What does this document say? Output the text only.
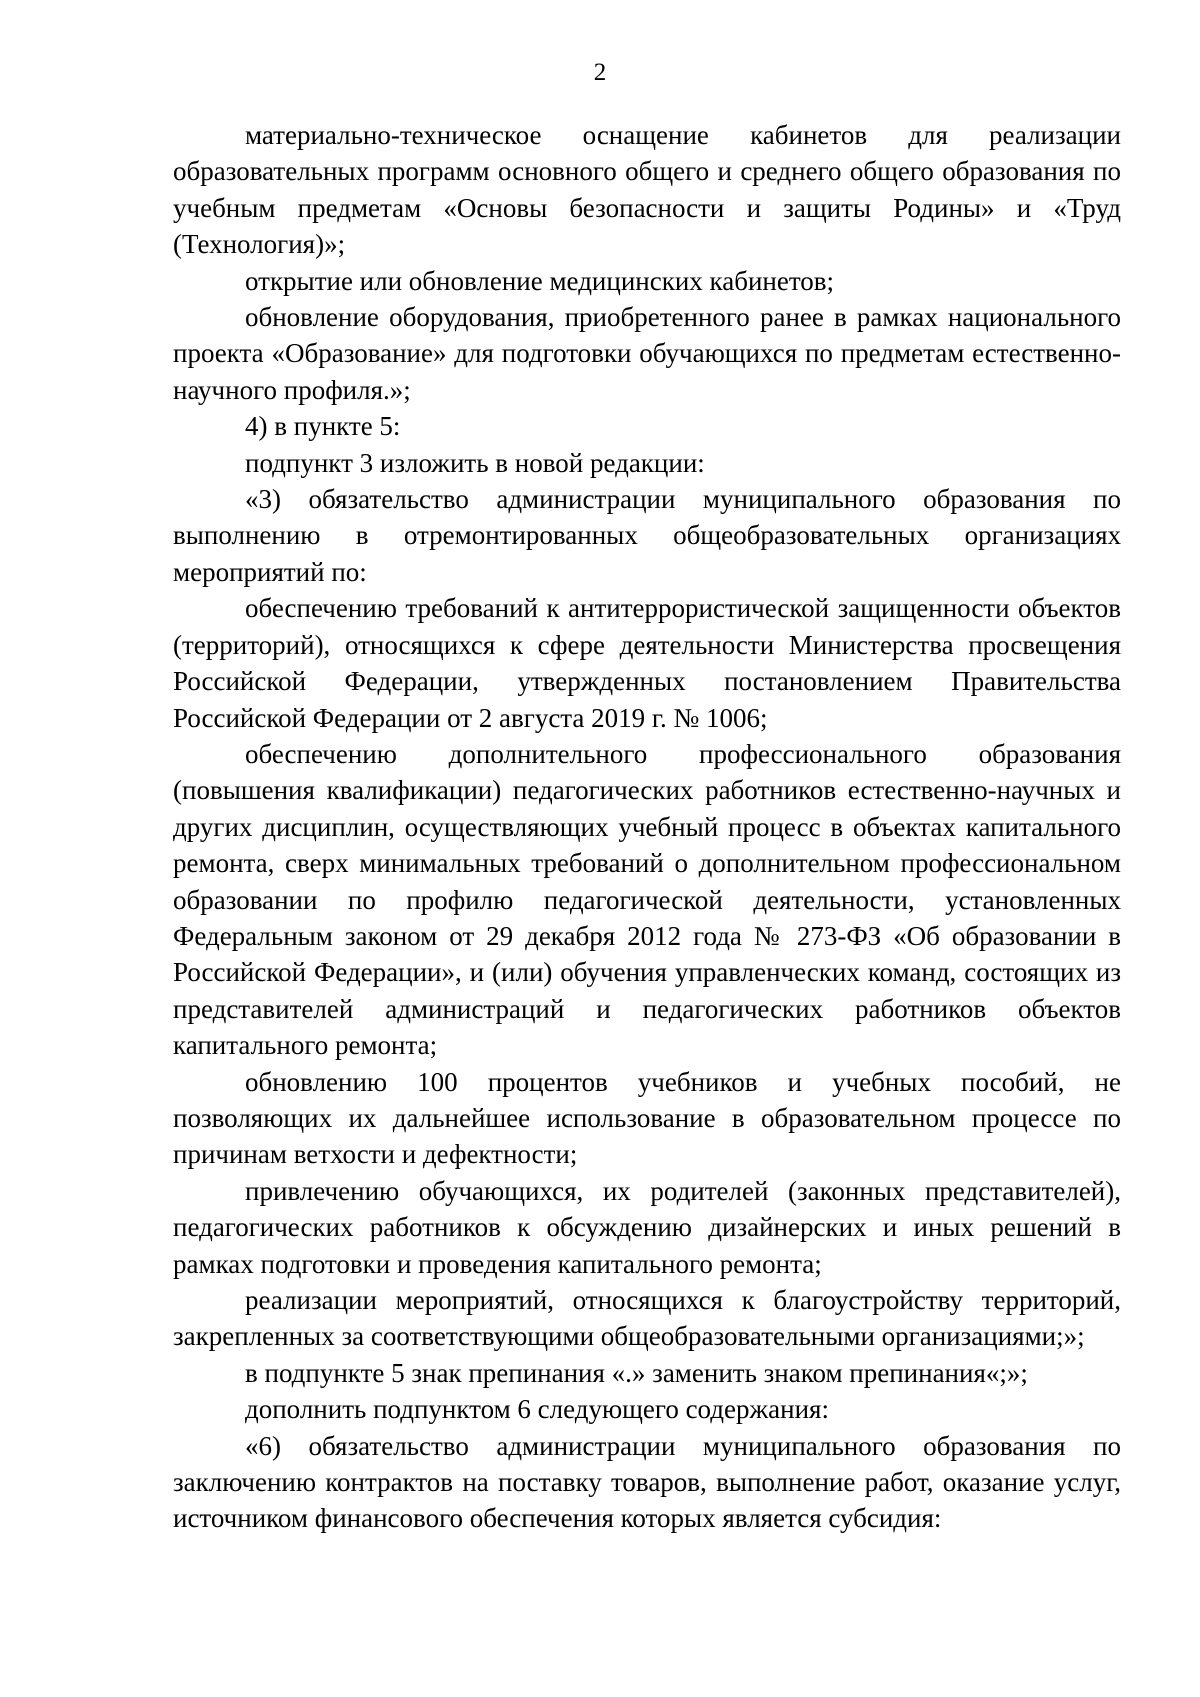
2

материально-техническое оснащение кабинетов для реализации образовательных программ основного общего и среднего общего образования по учебным предметам «Основы безопасности и защиты Родины» и «Труд (Технология)»;

открытие или обновление медицинских кабинетов;

обновление оборудования, приобретенного ранее в рамках национального проекта «Образование» для подготовки обучающихся по предметам естественно-научного профиля.»;

4) в пункте 5:

подпункт 3 изложить в новой редакции:

«3) обязательство администрации муниципального образования по выполнению в отремонтированных общеобразовательных организациях мероприятий по:

обеспечению требований к антитеррористической защищенности объектов (территорий), относящихся к сфере деятельности Министерства просвещения Российской Федерации, утвержденных постановлением Правительства Российской Федерации от 2 августа 2019 г. № 1006;

обеспечению дополнительного профессионального образования (повышения квалификации) педагогических работников естественно-научных и других дисциплин, осуществляющих учебный процесс в объектах капитального ремонта, сверх минимальных требований о дополнительном профессиональном образовании по профилю педагогической деятельности, установленных Федеральным законом от 29 декабря 2012 года № 273-ФЗ «Об образовании в Российской Федерации», и (или) обучения управленческих команд, состоящих из представителей администраций и педагогических работников объектов капитального ремонта;

обновлению 100 процентов учебников и учебных пособий, не позволяющих их дальнейшее использование в образовательном процессе по причинам ветхости и дефектности;

привлечению обучающихся, их родителей (законных представителей), педагогических работников к обсуждению дизайнерских и иных решений в рамках подготовки и проведения капитального ремонта;

реализации мероприятий, относящихся к благоустройству территорий, закрепленных за соответствующими общеобразовательными организациями;»;

в подпункте 5 знак препинания «.» заменить знаком препинания«;»;

дополнить подпунктом 6 следующего содержания:

«6) обязательство администрации муниципального образования по заключению контрактов на поставку товаров, выполнение работ, оказание услуг, источником финансового обеспечения которых является субсидия:
